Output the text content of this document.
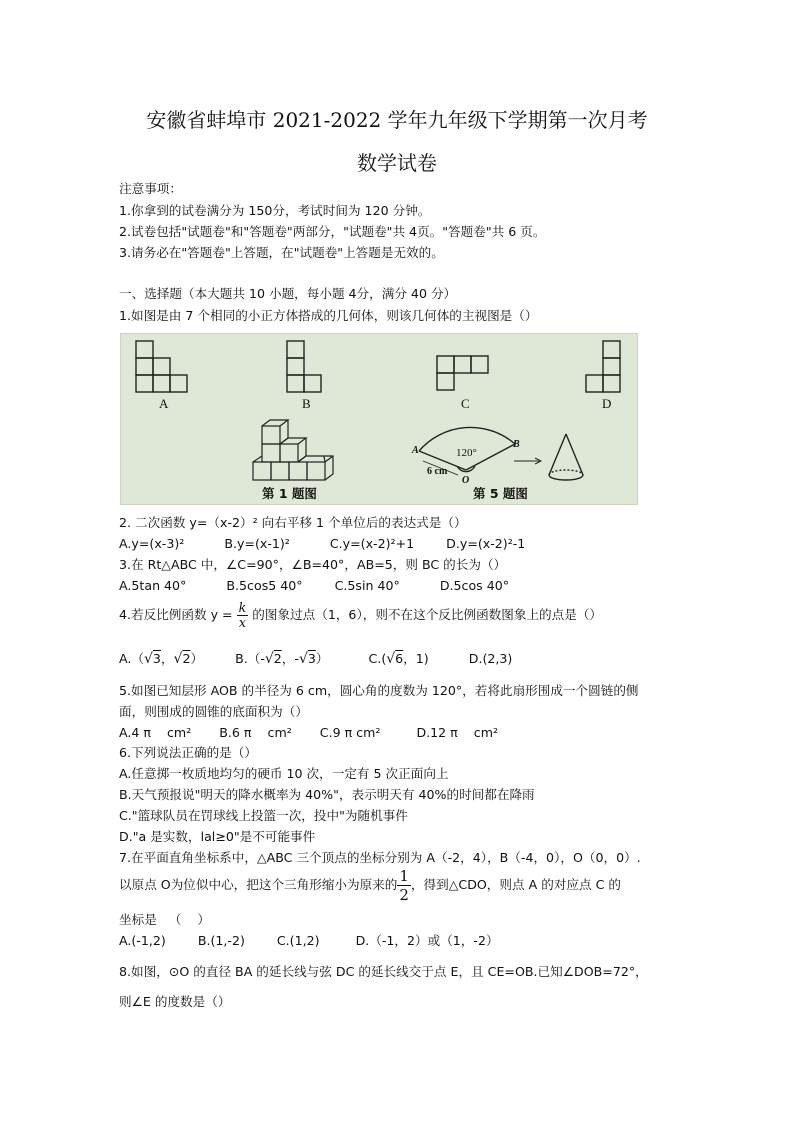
安徽省蚌埠市 2021-2022 学年九年级下学期第一次月考
数学试卷
注意事项：
1.你拿到的试卷满分为 150分，考试时间为 120 分钟。
2.试卷包括"试题卷"和"答题卷"两部分，"试题卷"共 4页。"答题卷"共 6 页。
3.请务必在"答题卷"上答题，在"试题卷"上答题是无效的。
一、选择题（本大题共 10 小题，每小题 4分，满分 40 分）
1.如图是由 7 个相同的小正方体搭成的几何体，则该几何体的主视图是（）
A	B	C	D
第 1 题图	第 5 题图
120°
6 cm
A
B
O
2. 二次函数 y=（x-2）² 向右平移 1 个单位后的表达式是（）
A.y=(x-3)²          B.y=(x-1)²          C.y=(x-2)²+1        D.y=(x-2)²-1
3.在 Rt△ABC 中，∠C=90°，∠B=40°，AB=5，则 BC 的长为（）
A.5tan 40°          B.5cos5 40°        C.5sin 40°          D.5cos 40°
4.若反比例函数 $y = \frac{k}{x}$ 的图象过点（1，6），则不在这个反比例函数图象上的点是（）
A.（√3，√2）	B.（-√2，-√3）	C.(√6，1)	D.(2,3)
5.如图已知层形 AOB 的半径为 6 cm，圆心角的度数为 120°，若将此扇形围成一个圆链的侧
面，则围成的圆锥的底面积为（）
A.4 π    cm²       B.6 π    cm²       C.9 π cm²         D.12 π    cm²
6.下列说法正确的是（）
A.任意掷一枚质地均匀的硬币 10 次，一定有 5 次正面向上
B.天气预报说"明天的降水概率为 40%"，表示明天有 40%的时间都在降雨
C."篮球队员在罚球线上投篮一次，投中"为随机事件
D."a 是实数，lal≥0"是不可能事件
7.在平面直角坐标系中，△ABC 三个顶点的坐标分别为 A（-2，4），B（-4，0），O（0，0）.
以原点 O为位似中心，把这个三角形缩小为原来的 $\frac{1}{2}$ ，得到△CDO，则点 A 的对应点 C 的
坐标是   （    ）
A.(-1,2)        B.(1,-2)        C.(1,2)         D.（-1，2）或（1，-2）
8.如图，⊙O 的直径 BA 的延长线与弦 DC 的延长线交于点 E，且 CE=OB.已知∠DOB=72°，
则∠E 的度数是（）
